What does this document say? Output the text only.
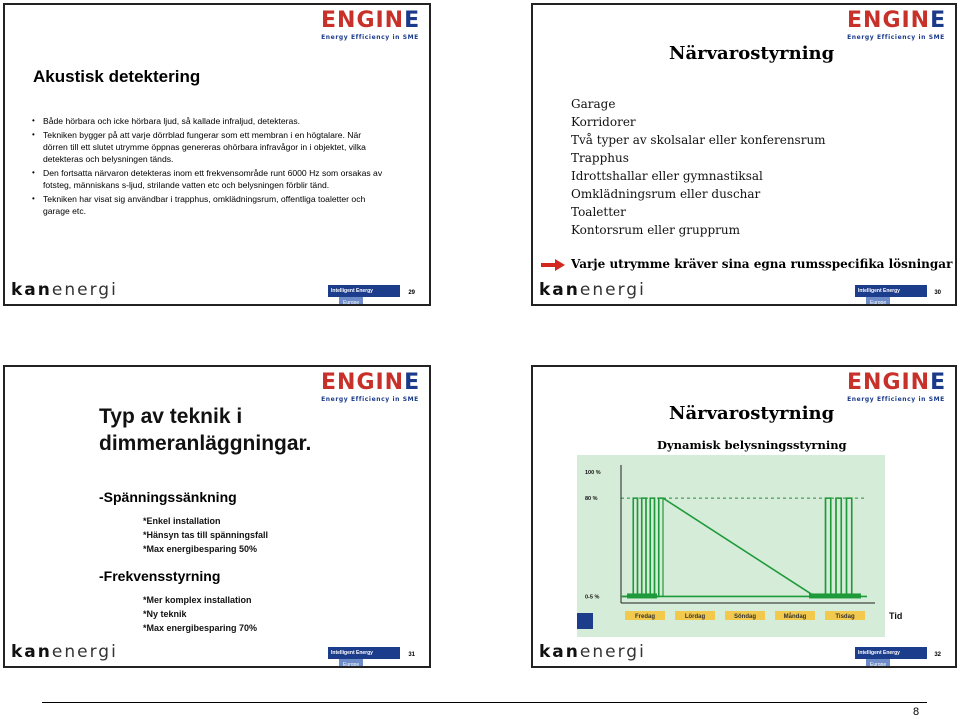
ENGINE
Energy Efficiency in SME
Akustisk detektering
• Både hörbara och icke hörbara ljud, så kallade infraljud, detekteras.
• Tekniken bygger på att varje dörrblad fungerar som ett membran i en högtalare. När dörren till ett slutet utrymme öppnas genereras ohörbara infravågor in i objektet, vilka detekteras och belysningen tänds.
• Den fortsatta närvaron detekteras inom ett frekvensområde runt 6000 Hz som orsakas av fotsteg, människans s-ljud, strilande vatten etc och belysningen förblir tänd.
• Tekniken har visat sig användbar i trapphus, omklädningsrum, offentliga toaletter och garage etc.
kanenergi	Intelligent EnergyEurope
29
ENGINE
Energy Efficiency in SME
Närvarostyrning
Garage
Korridorer
Två typer av skolsalar eller konferensrum
Trapphus
Idrottshallar eller gymnastiksal
Omklädningsrum eller duschar
Toaletter
Kontorsrum eller grupprum
Varje utrymme kräver sina egna rumsspecifika lösningar
kanenergi	Intelligent EnergyEurope
30
ENGINE
Energy Efficiency in SME
Typ av teknik i
dimmeranläggningar.
-Spänningssänkning
*Enkel installation
*Hänsyn tas till spänningsfall
*Max energibesparing 50%
-Frekvensstyrning
*Mer komplex installation
*Ny teknik
*Max energibesparing 70%
kanenergi	Intelligent EnergyEurope
31
ENGINE
Energy Efficiency in SME
Närvarostyrning
Dynamisk belysningsstyrning
100 %
80 %
0-5 %
Fredag	Lördag	Söndag	Måndag	Tisdag	Tid
kanenergi	Intelligent EnergyEurope
32
8
